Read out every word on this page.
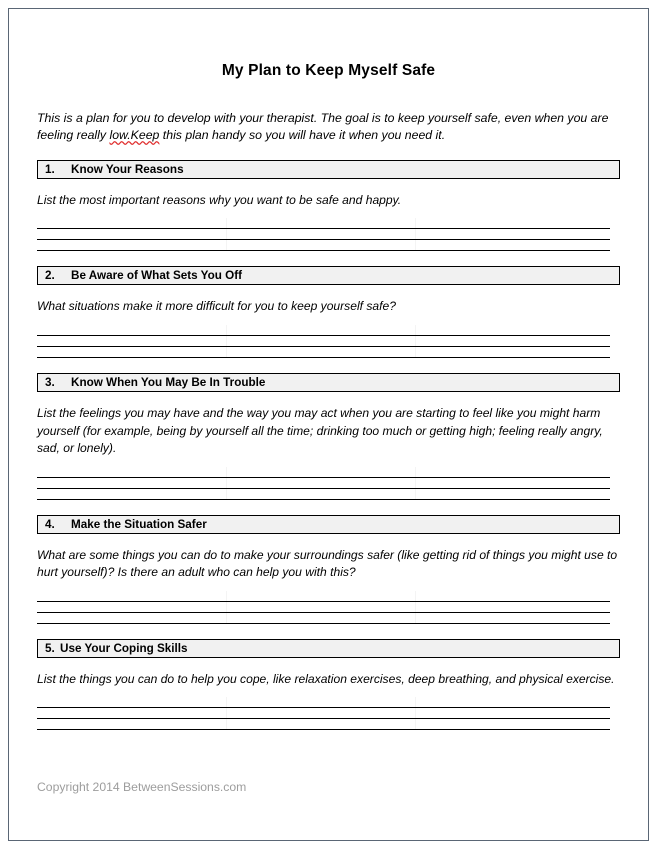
My Plan to Keep Myself Safe

This is a plan for you to develop with your therapist. The goal is to keep yourself safe, even when you are feeling really low.Keep this plan handy so you will have it when you need it.

1.	Know Your Reasons

List the most important reasons why you want to be safe and happy.

2.	Be Aware of What Sets You Off

What situations make it more difficult for you to keep yourself safe?

3.	Know When You May Be In Trouble

List the feelings you may have and the way you may act when you are starting to feel like you might harm yourself (for example, being by yourself all the time; drinking too much or getting high; feeling really angry, sad, or lonely).

4.	Make the Situation Safer

What are some things you can do to make your surroundings safer (like getting rid of things you might use to hurt yourself)? Is there an adult who can help you with this?

5. Use Your Coping Skills

List the things you can do to help you cope, like relaxation exercises, deep breathing, and physical exercise.

Copyright 2014 BetweenSessions.com
